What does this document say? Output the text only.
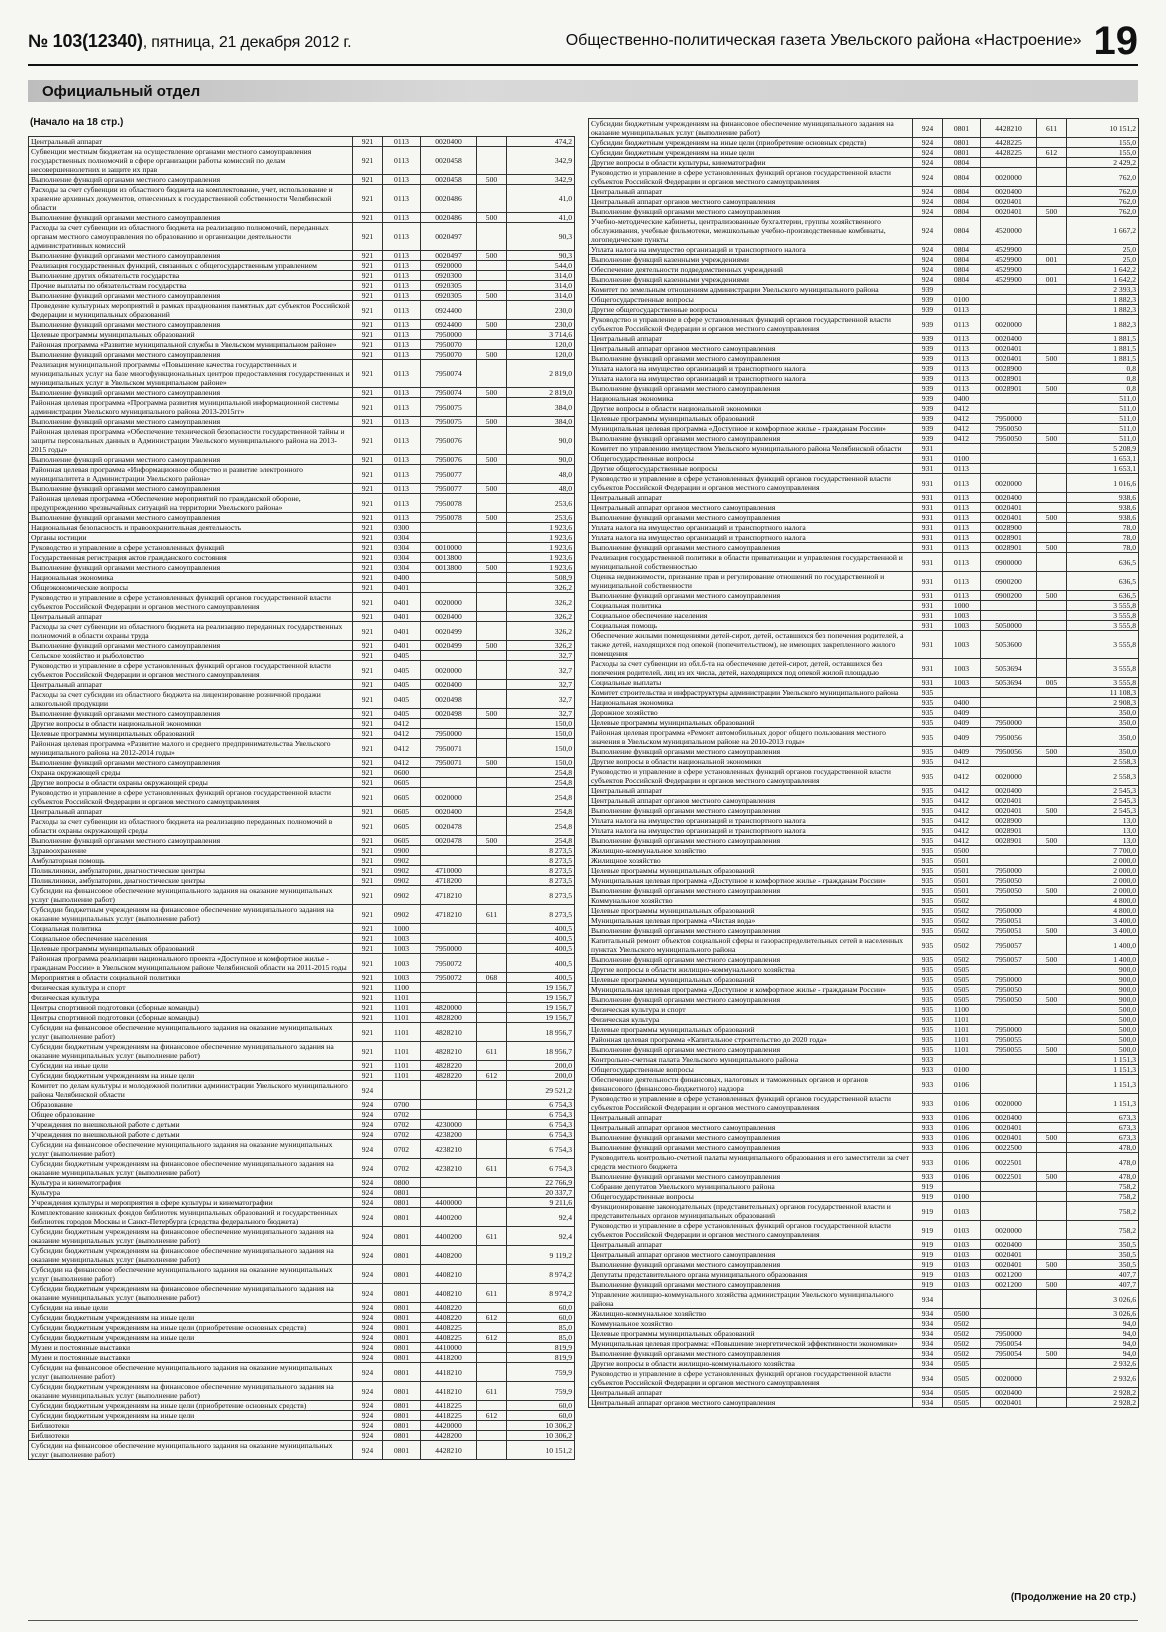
№ 103(12340), пятница, 21 декабря 2012 г.	Общественно-политическая газета Увельского района «Настроение» 19
Официальный отдел
(Начало на 18 стр.)
Центральный аппарат	921	0113	0020400		474,2
Субвенции местным бюджетам на осуществление органами местного самоуправления государственных полномочий в сфере организации работы комиссий по делам несовершеннолетних и защите их прав	921	0113	0020458		342,9
Выполнение функций органами местного самоуправления	921	0113	0020458	500	342,9
Расходы за счет субвенции из областного бюджета на комплектование, учет, использование и хранение архивных документов, отнесенных к государственной собственности Челябинской области	921	0113	0020486		41,0
Выполнение функций органами местного самоуправления	921	0113	0020486	500	41,0
Расходы за счет субвенции из областного бюджета на реализацию полномочий, переданных органам местного самоуправления по образованию и организации деятельности административных комиссий	921	0113	0020497		90,3
Выполнение функций органами местного самоуправления	921	0113	0020497	500	90,3
Реализация государственных функций, связанных с общегосударственным управлением	921	0113	0920000		544,0
Выполнение других обязательств государства	921	0113	0920300		314,0
Прочие выплаты по обязательствам государства	921	0113	0920305		314,0
Выполнение функций органами местного самоуправления	921	0113	0920305	500	314,0
Проведение культурных мероприятий в рамках празднования памятных дат субъектов Российской Федерации и муниципальных образований	921	0113	0924400		230,0
Выполнение функций органами местного самоуправления	921	0113	0924400	500	230,0
Целевые программы муниципальных образований	921	0113	7950000		3 714,6
Районная программа «Развитие муниципальной службы в Увельском муниципальном районе»	921	0113	7950070		120,0
Выполнение функций органами местного самоуправления	921	0113	7950070	500	120,0
Реализация муниципальной программы «Повышение качества государственных и муниципальных услуг на базе многофункциональных центров предоставления государственных и муниципальных услуг в Увельском муниципальном районе»	921	0113	7950074		2 819,0
Выполнение функций органами местного самоуправления	921	0113	7950074	500	2 819,0
Районная целевая программа «Программа развития муниципальной информационной системы администрации Увельского муниципального района 2013-2015гг»	921	0113	7950075		384,0
Выполнение функций органами местного самоуправления	921	0113	7950075	500	384,0
Районная целевая программа «Обеспечение технической безопасности государственной тайны и защиты персональных данных в Администрации Увельского муниципального района на 2013-2015 годы»	921	0113	7950076		90,0
Выполнение функций органами местного самоуправления	921	0113	7950076	500	90,0
Районная целевая программа «Информационное общество и развитие электронного муниципалитета в Администрации Увельского района»	921	0113	7950077		48,0
Выполнение функций органами местного самоуправления	921	0113	7950077	500	48,0
Районная целевая программа «Обеспечение мероприятий по гражданской обороне, предупреждению чрезвычайных ситуаций на территории Увельского района»	921	0113	7950078		253,6
Выполнение функций органами местного самоуправления	921	0113	7950078	500	253,6
Национальная безопасность и правоохранительная деятельность	921	0300			1 923,6
Органы юстиции	921	0304			1 923,6
Руководство и управление в сфере установленных функций	921	0304	0010000		1 923,6
Государственная регистрация актов гражданского состояния	921	0304	0013800		1 923,6
Выполнение функций органами местного самоуправления	921	0304	0013800	500	1 923,6
Национальная экономика	921	0400			508,9
Общеэкономические вопросы	921	0401			326,2
Руководство и управление в сфере установленных функций органов государственной власти субъектов Российской Федерации и органов местного самоуправления	921	0401	0020000		326,2
Центральный аппарат	921	0401	0020400		326,2
Расходы за счет субвенции из областного бюджета на реализацию переданных государственных полномочий в области охраны труда	921	0401	0020499		326,2
Выполнение функций органами местного самоуправления	921	0401	0020499	500	326,2
Сельское хозяйство и рыболовство	921	0405			32,7
Руководство и управление в сфере установленных функций органов государственной власти субъектов Российской Федерации и органов местного самоуправления	921	0405	0020000		32,7
Центральный аппарат	921	0405	0020400		32,7
Расходы за счет субсидии из областного бюджета на лицензирование розничной продажи алкогольной продукции	921	0405	0020498		32,7
Выполнение функций органами местного самоуправления	921	0405	0020498	500	32,7
Другие вопросы в области национальной экономики	921	0412			150,0
Целевые программы муниципальных образований	921	0412	7950000		150,0
Районная целевая программа «Развитие малого и среднего предпринимательства Увельского муниципального района на 2012-2014 годы»	921	0412	7950071		150,0
Выполнение функций органами местного самоуправления	921	0412	7950071	500	150,0
Охрана окружающей среды	921	0600			254,8
Другие вопросы в области охраны окружающей среды	921	0605			254,8
Руководство и управление в сфере установленных функций органов государственной власти субъектов Российской Федерации и органов местного самоуправления	921	0605	0020000		254,8
Центральный аппарат	921	0605	0020400		254,8
Расходы за счет субвенции из областного бюджета на реализацию переданных полномочий в области охраны окружающей среды	921	0605	0020478		254,8
Выполнение функций органами местного самоуправления	921	0605	0020478	500	254,8
Здравоохранение	921	0900			8 273,5
Амбулаторная помощь	921	0902			8 273,5
Поликлиники, амбулатории, диагностические центры	921	0902	4710000		8 273,5
Поликлиники, амбулатории, диагностические центры	921	0902	4718200		8 273,5
Субсидии на финансовое обеспечение муниципального задания на оказание муниципальных услуг (выполнение работ)	921	0902	4718210		8 273,5
Субсидии бюджетным учреждениям на финансовое обеспечение муниципального задания на оказание муниципальных услуг (выполнение работ)	921	0902	4718210	611	8 273,5
Социальная политика	921	1000			400,5
Социальное обеспечение населения	921	1003			400,5
Целевые программы муниципальных образований	921	1003	7950000		400,5
Районная программа реализации национального проекта «Доступное и комфортное жилье - гражданам России» в Увельском муниципальном районе Челябинской области на 2011-2015 годы	921	1003	7950072		400,5
Мероприятия в области социальной политики	921	1003	7950072	068	400,5
Физическая культура и спорт	921	1100			19 156,7
Физическая культура	921	1101			19 156,7
Центры спортивной подготовки (сборные команды)	921	1101	4820000		19 156,7
Центры спортивной подготовки (сборные команды)	921	1101	4828200		19 156,7
Субсидии на финансовое обеспечение муниципального задания на оказание муниципальных услуг (выполнение работ)	921	1101	4828210		18 956,7
Субсидии бюджетным учреждениям на финансовое обеспечение муниципального задания на оказание муниципальных услуг (выполнение работ)	921	1101	4828210	611	18 956,7
Субсидии на иные цели	921	1101	4828220		200,0
Субсидии бюджетным учреждениям на иные цели	921	1101	4828220	612	200,0
Комитет по делам культуры и молодежной политики администрации Увельского муниципального района Челябинской области	924				29 521,2
Образование	924	0700			6 754,3
Общее образование	924	0702			6 754,3
Учреждения по внешкольной работе с детьми	924	0702	4230000		6 754,3
Учреждения по внешкольной работе с детьми	924	0702	4238200		6 754,3
Субсидии на финансовое обеспечение муниципального задания на оказание муниципальных услуг (выполнение работ)	924	0702	4238210		6 754,3
Субсидии бюджетным учреждениям на финансовое обеспечение муниципального задания на оказание муниципальных услуг (выполнение работ)	924	0702	4238210	611	6 754,3
Культура и кинематография	924	0800			22 766,9
Культура	924	0801			20 337,7
Учреждения культуры и мероприятия в сфере культуры и кинематографии	924	0801	4400000		9 211,6
Комплектование книжных фондов библиотек муниципальных образований и государственных библиотек городов Москвы и Санкт-Петербурга (средства федерального бюджета)	924	0801	4400200		92,4
Субсидии бюджетным учреждениям на финансовое обеспечение муниципального задания на оказание муниципальных услуг (выполнение работ)	924	0801	4400200	611	92,4
Субсидии бюджетным учреждениям на финансовое обеспечение муниципального задания на оказание муниципальных услуг (выполнение работ)	924	0801	4408200		9 119,2
Субсидии на финансовое обеспечение муниципального задания на оказание муниципальных услуг (выполнение работ)	924	0801	4408210		8 974,2
Субсидии бюджетным учреждениям на финансовое обеспечение муниципального задания на оказание муниципальных услуг (выполнение работ)	924	0801	4408210	611	8 974,2
Субсидии на иные цели	924	0801	4408220		60,0
Субсидии бюджетным учреждениям на иные цели	924	0801	4408220	612	60,0
Субсидии бюджетным учреждениям на иные цели (приобретение основных средств)	924	0801	4408225		85,0
Субсидии бюджетным учреждениям на иные цели	924	0801	4408225	612	85,0
Музеи и постоянные выставки	924	0801	4410000		819,9
Музеи и постоянные выставки	924	0801	4418200		819,9
Субсидии на финансовое обеспечение муниципального задания на оказание муниципальных услуг (выполнение работ)	924	0801	4418210		759,9
Субсидии бюджетным учреждениям на финансовое обеспечение муниципального задания на оказание муниципальных услуг (выполнение работ)	924	0801	4418210	611	759,9
Субсидии бюджетным учреждениям на иные цели (приобретение основных средств)	924	0801	4418225		60,0
Субсидии бюджетным учреждениям на иные цели	924	0801	4418225	612	60,0
Библиотеки	924	0801	4420000		10 306,2
Библиотеки	924	0801	4428200		10 306,2
Субсидии на финансовое обеспечение муниципального задания на оказание муниципальных услуг (выполнение работ)	924	0801	4428210		10 151,2
Субсидии бюджетным учреждениям на финансовое обеспечение муниципального задания на оказание муниципальных услуг (выполнение работ)	924	0801	4428210	611	10 151,2
Субсидии бюджетным учреждениям на иные цели (приобретение основных средств)	924	0801	4428225		155,0
Субсидии бюджетным учреждениям на иные цели	924	0801	4428225	612	155,0
Другие вопросы в области культуры, кинематографии	924	0804			2 429,2
Руководство и управление в сфере установленных функций органов государственной власти субъектов Российской Федерации и органов местного самоуправления	924	0804	0020000		762,0
Центральный аппарат	924	0804	0020400		762,0
Центральный аппарат органов местного самоуправления	924	0804	0020401		762,0
Выполнение функций органами местного самоуправления	924	0804	0020401	500	762,0
Учебно-методические кабинеты, централизованные бухгалтерии, группы хозяйственного обслуживания, учебные фильмотеки, межшкольные учебно-производственные комбинаты, логопедические пункты	924	0804	4520000		1 667,2
Уплата налога на имущество организаций и транспортного налога	924	0804	4529900		25,0
Выполнение функций казенными учреждениями	924	0804	4529900	001	25,0
Обеспечение деятельности подведомственных учреждений	924	0804	4529900		1 642,2
Выполнение функций казенными учреждениями	924	0804	4529900	001	1 642,2
Комитет по земельным отношениям администрации Увельского муниципального района	939				2 393,3
Общегосударственные вопросы	939	0100			1 882,3
Другие общегосударственные вопросы	939	0113			1 882,3
Руководство и управление в сфере установленных функций органов государственной власти субъектов Российской Федерации и органов местного самоуправления	939	0113	0020000		1 882,3
Центральный аппарат	939	0113	0020400		1 881,5
Центральный аппарат органов местного самоуправления	939	0113	0020401		1 881,5
Выполнение функций органами местного самоуправления	939	0113	0020401	500	1 881,5
Уплата налога на имущество организаций и транспортного налога	939	0113	0028900		0,8
Уплата налога на имущество организаций и транспортного налога	939	0113	0028901		0,8
Выполнение функций органами местного самоуправления	939	0113	0028901	500	0,8
Национальная экономика	939	0400			511,0
Другие вопросы в области национальной экономики	939	0412			511,0
Целевые программы муниципальных образований	939	0412	7950000		511,0
Муниципальная целевая программа «Доступное и комфортное жилье - гражданам России»	939	0412	7950050		511,0
Выполнение функций органами местного самоуправления	939	0412	7950050	500	511,0
Комитет по управлению имуществом Увельского муниципального района Челябинской области	931				5 208,9
Общегосударственные вопросы	931	0100			1 653,1
Другие общегосударственные вопросы	931	0113			1 653,1
Руководство и управление в сфере установленных функций органов государственной власти субъектов Российской Федерации и органов местного самоуправления	931	0113	0020000		1 016,6
Центральный аппарат	931	0113	0020400		938,6
Центральный аппарат органов местного самоуправления	931	0113	0020401		938,6
Выполнение функций органами местного самоуправления	931	0113	0020401	500	938,6
Уплата налога на имущество организаций и транспортного налога	931	0113	0028900		78,0
Уплата налога на имущество организаций и транспортного налога	931	0113	0028901		78,0
Выполнение функций органами местного самоуправления	931	0113	0028901	500	78,0
Реализация государственной политики в области приватизации и управления государственной и муниципальной собственностью	931	0113	0900000		636,5
Оценка недвижимости, признание прав и регулирование отношений по государственной и муниципальной собственности	931	0113	0900200		636,5
Выполнение функций органами местного самоуправления	931	0113	0900200	500	636,5
Социальная политика	931	1000			3 555,8
Социальное обеспечение населения	931	1003			3 555,8
Социальная помощь	931	1003	5050000		3 555,8
Обеспечение жилыми помещениями детей-сирот, детей, оставшихся без попечения родителей, а также детей, находящихся под опекой (попечительством), не имеющих закрепленного жилого помещения	931	1003	5053600		3 555,8
Расходы за счет субвенции из обл.б-та на обеспечение детей-сирот, детей, оставшихся без попечения родителей, лиц из их числа, детей, находящихся под опекой жилой площадью	931	1003	5053694		3 555,8
Социальные выплаты	931	1003	5053694	005	3 555,8
Комитет строительства и инфраструктуры администрации Увельского муниципального района	935				11 108,3
Национальная экономика	935	0400			2 908,3
Дорожное хозяйство	935	0409			350,0
Целевые программы муниципальных образований	935	0409	7950000		350,0
Районная целевая программа «Ремонт автомобильных дорог общего пользования местного значения в Увельском муниципальном районе на 2010-2013 годы»	935	0409	7950056		350,0
Выполнение функций органами местного самоуправления	935	0409	7950056	500	350,0
Другие вопросы в области национальной экономики	935	0412			2 558,3
Руководство и управление в сфере установленных функций органов государственной власти субъектов Российской Федерации и органов местного самоуправления	935	0412	0020000		2 558,3
Центральный аппарат	935	0412	0020400		2 545,3
Центральный аппарат органов местного самоуправления	935	0412	0020401		2 545,3
Выполнение функций органами местного самоуправления	935	0412	0020401	500	2 545,3
Уплата налога на имущество организаций и транспортного налога	935	0412	0028900		13,0
Уплата налога на имущество организаций и транспортного налога	935	0412	0028901		13,0
Выполнение функций органами местного самоуправления	935	0412	0028901	500	13,0
Жилищно-коммунальное хозяйство	935	0500			7 700,0
Жилищное хозяйство	935	0501			2 000,0
Целевые программы муниципальных образований	935	0501	7950000		2 000,0
Муниципальная целевая программа «Доступное и комфортное жилье - гражданам России»	935	0501	7950050		2 000,0
Выполнение функций органами местного самоуправления	935	0501	7950050	500	2 000,0
Коммунальное хозяйство	935	0502			4 800,0
Целевые программы муниципальных образований	935	0502	7950000		4 800,0
Муниципальная целевая программа «Чистая вода»	935	0502	7950051		3 400,0
Выполнение функций органами местного самоуправления	935	0502	7950051	500	3 400,0
Капитальный ремонт объектов социальной сферы и газораспределительных сетей в населенных пунктах Увельского муниципального района	935	0502	7950057		1 400,0
Выполнение функций органами местного самоуправления	935	0502	7950057	500	1 400,0
Другие вопросы в области жилищно-коммунального хозяйства	935	0505			900,0
Целевые программы муниципальных образований	935	0505	7950000		900,0
Муниципальная целевая программа «Доступное и комфортное жилье - гражданам России»	935	0505	7950050		900,0
Выполнение функций органами местного самоуправления	935	0505	7950050	500	900,0
Физическая культура и спорт	935	1100			500,0
Физическая культура	935	1101			500,0
Целевые программы муниципальных образований	935	1101	7950000		500,0
Районная целевая программа «Капитальное строительство до 2020 года»	935	1101	7950055		500,0
Выполнение функций органами местного самоуправления	935	1101	7950055	500	500,0
Контрольно-счетная палата Увельского муниципального района	933				1 151,3
Общегосударственные вопросы	933	0100			1 151,3
Обеспечение деятельности финансовых, налоговых и таможенных органов и органов финансового (финансово-бюджетного) надзора	933	0106			1 151,3
Руководство и управление в сфере установленных функций органов государственной власти субъектов Российской Федерации и органов местного самоуправления	933	0106	0020000		1 151,3
Центральный аппарат	933	0106	0020400		673,3
Центральный аппарат органов местного самоуправления	933	0106	0020401		673,3
Выполнение функций органами местного самоуправления	933	0106	0020401	500	673,3
Выполнение функций органами местного самоуправления	933	0106	0022500		478,0
Руководитель контрольно-счетной палаты муниципального образования и его заместители за счет средств местного бюджета	933	0106	0022501		478,0
Выполнение функций органами местного самоуправления	933	0106	0022501	500	478,0
Собрание депутатов Увельского муниципального района	919				758,2
Общегосударственные вопросы	919	0100			758,2
Функционирование законодательных (представительных) органов государственной власти и представительных органов муниципальных образований	919	0103			758,2
Руководство и управление в сфере установленных функций органов государственной власти субъектов Российской Федерации и органов местного самоуправления	919	0103	0020000		758,2
Центральный аппарат	919	0103	0020400		350,5
Центральный аппарат органов местного самоуправления	919	0103	0020401		350,5
Выполнение функций органами местного самоуправления	919	0103	0020401	500	350,5
Депутаты представительного органа муниципального образования	919	0103	0021200		407,7
Выполнение функций органами местного самоуправления	919	0103	0021200	500	407,7
Управление жилищно-коммунального хозяйства администрации Увельского муниципального района	934				3 026,6
Жилищно-коммунальное хозяйство	934	0500			3 026,6
Коммунальное хозяйство	934	0502			94,0
Целевые программы муниципальных образований	934	0502	7950000		94,0
Муниципальная целевая программа: «Повышение энергетической эффективности экономики»	934	0502	7950054		94,0
Выполнение функций органами местного самоуправления	934	0502	7950054	500	94,0
Другие вопросы в области жилищно-коммунального хозяйства	934	0505			2 932,6
Руководство и управление в сфере установленных функций органов государственной власти субъектов Российской Федерации и органов местного самоуправления	934	0505	0020000		2 932,6
Центральный аппарат	934	0505	0020400		2 928,2
Центральный аппарат органов местного самоуправления	934	0505	0020401		2 928,2
(Продолжение на 20 стр.)
